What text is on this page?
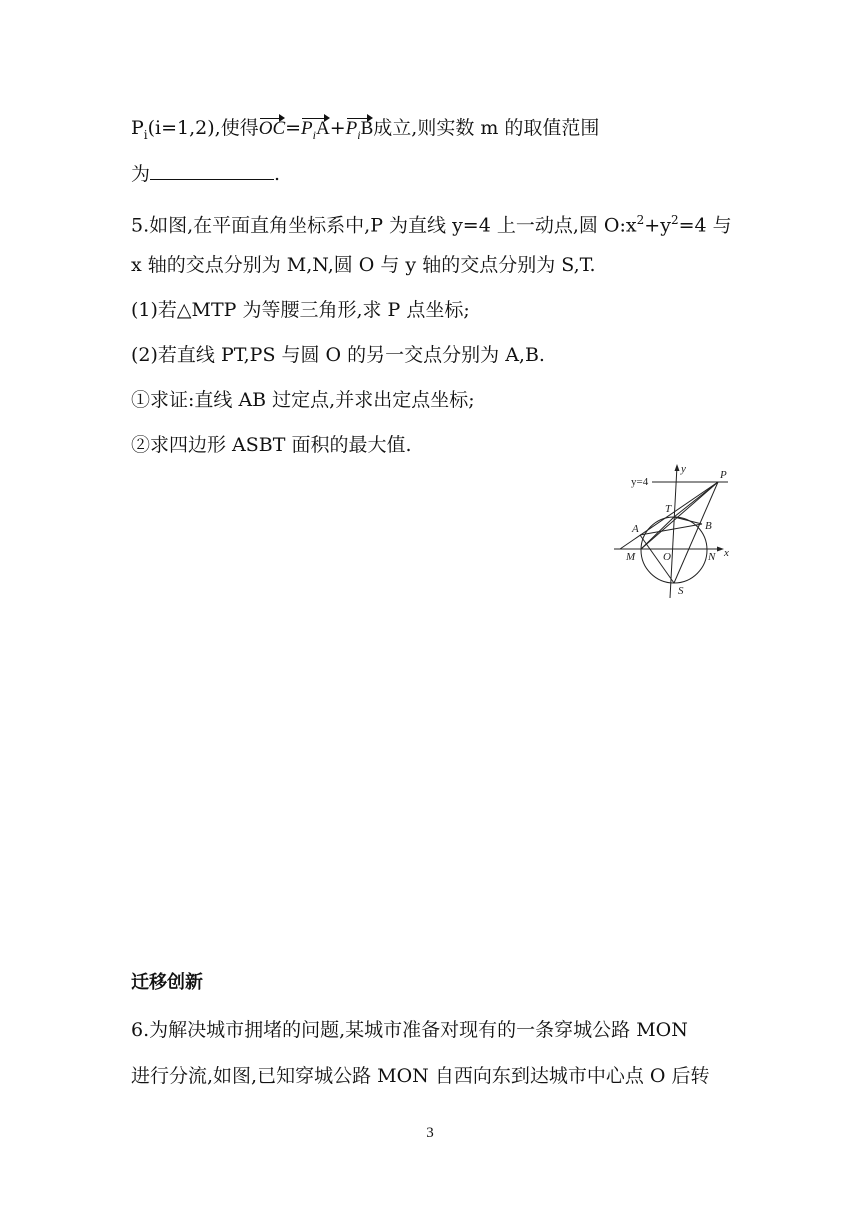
$P_i(i=1,2)$,使得$OC=P_iA+P_iB$成立,则实数 m 的取值范围
为	.
5.如图,在平面直角坐标系中,P 为直线 y=4 上一动点,圆 $O:x^2+y^2=4$ 与
x 轴的交点分别为 M,N,圆 O 与 y 轴的交点分别为 S,T.
(1)若△MTP 为等腰三角形,求 P 点坐标;
(2)若直线 PT,PS 与圆 O 的另一交点分别为 A,B.
①求证:直线 AB 过定点,并求出定点坐标;
②求四边形 ASBT 面积的最大值.
y
y=4
P
T
A	B
M	O	N x
S
迁移创新
6.为解决城市拥堵的问题,某城市准备对现有的一条穿城公路 MON
进行分流,如图,已知穿城公路 MON 自西向东到达城市中心点 O 后转
3
